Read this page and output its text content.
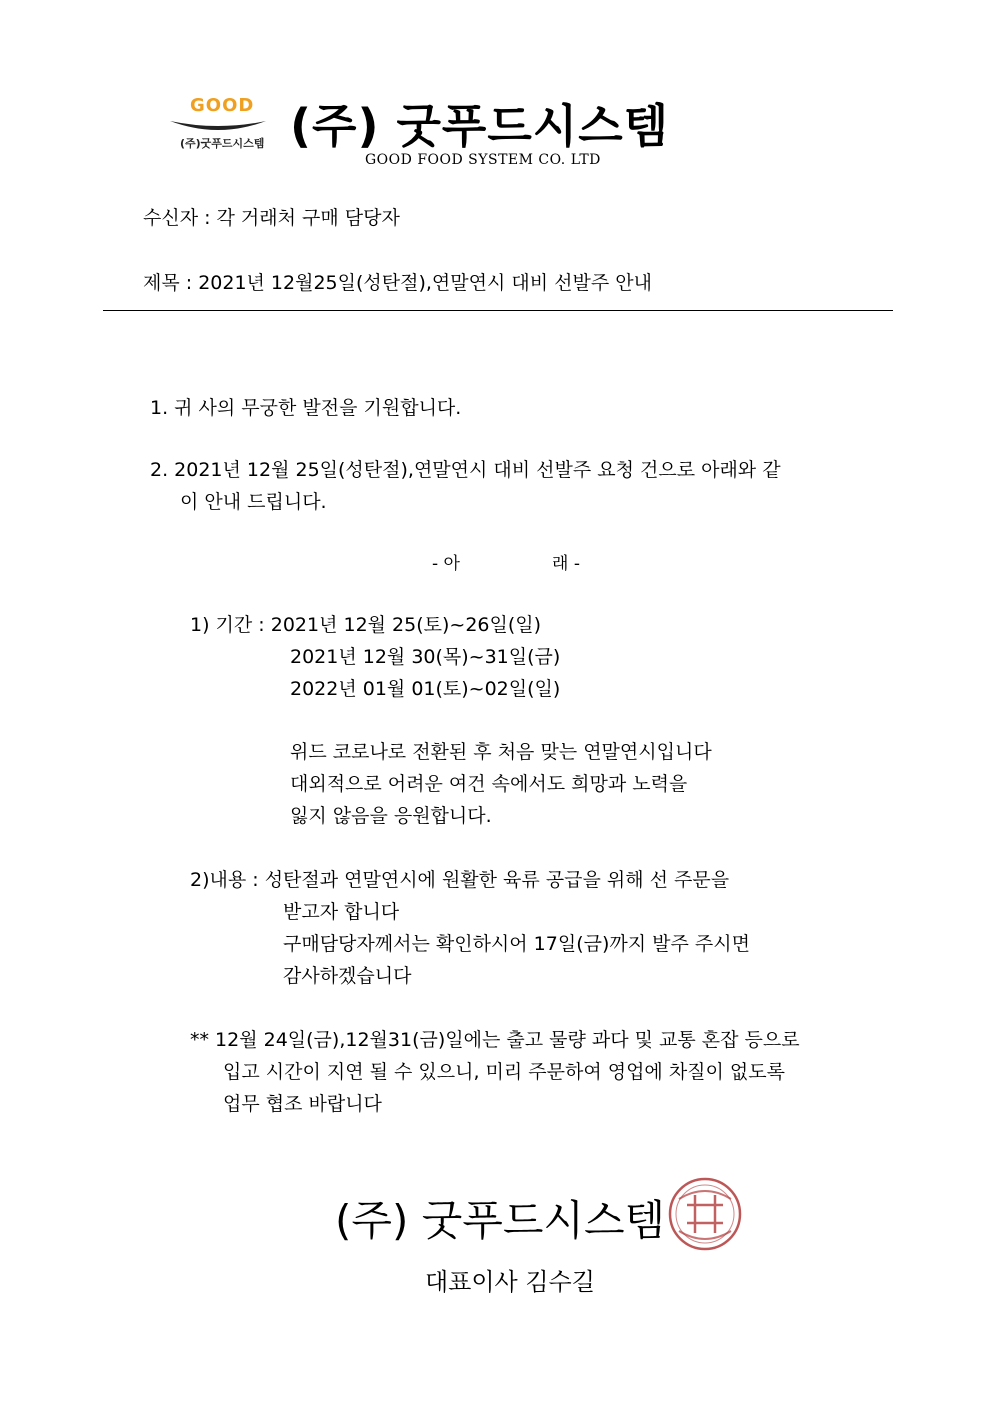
GOOD
(주)굿푸드시스템 (주) 굿푸드시스템
GOOD FOOD SYSTEM CO. LTD
수신자 : 각 거래처 구매 담당자
제목 : 2021년 12월25일(성탄절),연말연시 대비 선발주 안내
1. 귀 사의 무궁한 발전을 기원합니다.
2. 2021년 12월 25일(성탄절),연말연시 대비 선발주 요청 건으로 아래와 같
이 안내 드립니다.
- 아	래 -
1) 기간 : 2021년 12월 25(토)~26일(일)
2021년 12월 30(목)~31일(금)
2022년 01월 01(토)~02일(일)
위드 코로나로 전환된 후 처음 맞는 연말연시입니다
대외적으로 어려운 여건 속에서도 희망과 노력을
잃지 않음을 응원합니다.
2)내용 : 성탄절과 연말연시에 원활한 육류 공급을 위해 선 주문을
받고자 합니다
구매담당자께서는 확인하시어 17일(금)까지 발주 주시면
감사하겠습니다
** 12월 24일(금),12월31(금)일에는 출고 물량 과다 및 교통 혼잡 등으로
입고 시간이 지연 될 수 있으니, 미리 주문하여 영업에 차질이 없도록
업무 협조 바랍니다
(주) 굿푸드시스템
대표이사 김수길
